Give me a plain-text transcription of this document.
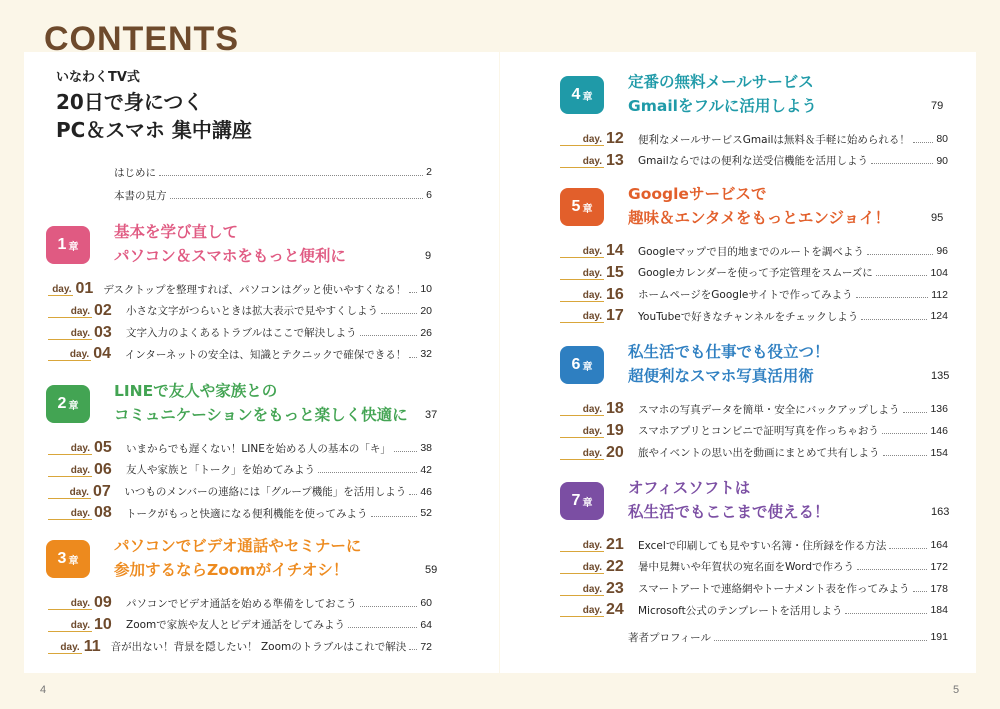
CONTENTS
いなわくTV式
20日で身につく
PC＆スマホ 集中講座
はじめに	2
本書の見方	6
1 章
基本を学び直して
パソコン＆スマホをもっと便利に	9
day. 01 デスクトップを整理すれば、パソコンはグッと使いやすくなる！ 10
day. 02	小さな文字がつらいときは拡大表示で見やすくしよう	20
day. 03	文字入力のよくあるトラブルはここで解決しよう	26
day. 04	インターネットの安全は、知識とテクニックで確保できる！ 32
2 章
LINEで友人や家族との
コミュニケーションをもっと楽しく快適に 37
day. 05	いまからでも遅くない！LINEを始める人の基本の「キ」	38
day. 06	友人や家族と「トーク」を始めてみよう	42
day. 07	いつものメンバーの連絡には「グループ機能」を活用しよう 46
day. 08	トークがもっと快適になる便利機能を使ってみよう	52
3 章
パソコンでビデオ通話やセミナーに
参加するならZoomがイチオシ！	59
day. 09	パソコンでビデオ通話を始める準備をしておこう	60
day. 10	Zoomで家族や友人とビデオ通話をしてみよう	64
day. 11 音が出ない！背景を隠したい！ Zoomのトラブルはこれで解決 72
4 章
定番の無料メールサービス
Gmailをフルに活用しよう	79
day. 12	便利なメールサービスGmailは無料＆手軽に始められる！	80
day. 13	Gmailならではの便利な送受信機能を活用しよう	90
5 章
Googleサービスで
趣味＆エンタメをもっとエンジョイ！	95
day. 14	Googleマップで目的地までのルートを調べよう	96
day. 15	Googleカレンダーを使って予定管理をスムーズに	104
day. 16	ホームページをGoogleサイトで作ってみよう	112
day. 17	YouTubeで好きなチャンネルをチェックしよう	124
6 章
私生活でも仕事でも役立つ！
超便利なスマホ写真活用術	135
day. 18	スマホの写真データを簡単・安全にバックアップしよう	136
day. 19	スマホアプリとコンビニで証明写真を作っちゃおう	146
day. 20	旅やイベントの思い出を動画にまとめて共有しよう	154
7 章
オフィスソフトは
私生活でもここまで使える！	163
day. 21	Excelで印刷しても見やすい名簿・住所録を作る方法	164
day. 22	暑中見舞いや年賀状の宛名面をWordで作ろう	172
day. 23	スマートアートで連絡網やトーナメント表を作ってみよう 178
day. 24	Microsoft公式のテンプレートを活用しよう	184
著者プロフィール	191
4	5
